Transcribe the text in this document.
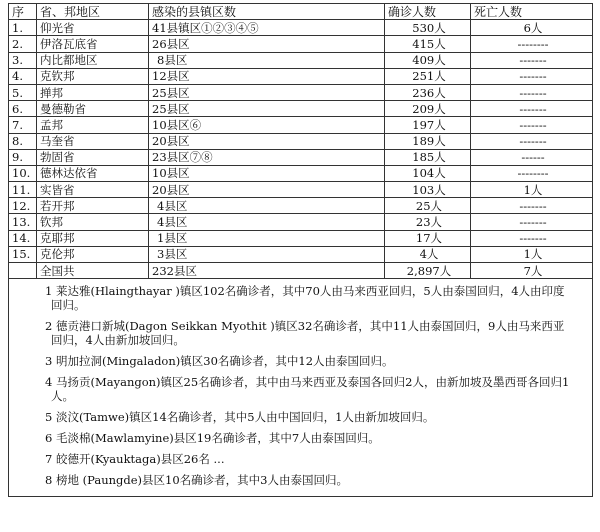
序	省、邦地区	感染的县镇区数	确诊人数	死亡人数
1.	仰光省	41县镇区①②③④⑤	530人	6人
2.	伊洛瓦底省	26县区	415人	--------
3.	内比都地区	8县区	409人	-------
4.	克钦邦	12县区	251人	-------
5.	掸邦	25县区	236人	-------
6.	曼德勒省	25县区	209人	-------
7.	孟邦	10县区⑥	197人	-------
8.	马奎省	20县区	189人	-------
9.	勃固省	23县区⑦⑧	185人	------
10.	德林达依省	10县区	104人	--------
11.	实皆省	20县区	103人	1人
12.	若开邦	4县区	25人	-------
13.	钦邦	4县区	23人	-------
14.	克耶邦	1县区	17人	-------
15.	克伦邦	3县区	4人	1人
	全国共	232县区	2,897人	7人
1 莱达雅(Hlaingthayar )镇区102名确诊者，其中70人由马来西亚回归，5人由泰国回归，4人由印度回归。
2 德贡港口新城(Dagon Seikkan Myothit )镇区32名确诊者，其中11人由泰国回归，9人由马来西亚回归，4人由新加坡回归。
3 明加拉洞(Mingaladon)镇区30名确诊者，其中12人由泰国回归。
4 马扬贡(Mayangon)镇区25名确诊者，其中由马来西亚及泰国各回归2人，由新加坡及墨西哥各回归1人。
5 淡汶(Tamwe)镇区14名确诊者，其中5人由中国回归，1人由新加坡回归。
6 毛淡棉(Mawlamyine)县区19名确诊者，其中7人由泰国回归。
7 皎德开(Kyauktaga)县区26名 ...
8 榜地 (Paungde)县区10名确诊者，其中3人由泰国回归。
